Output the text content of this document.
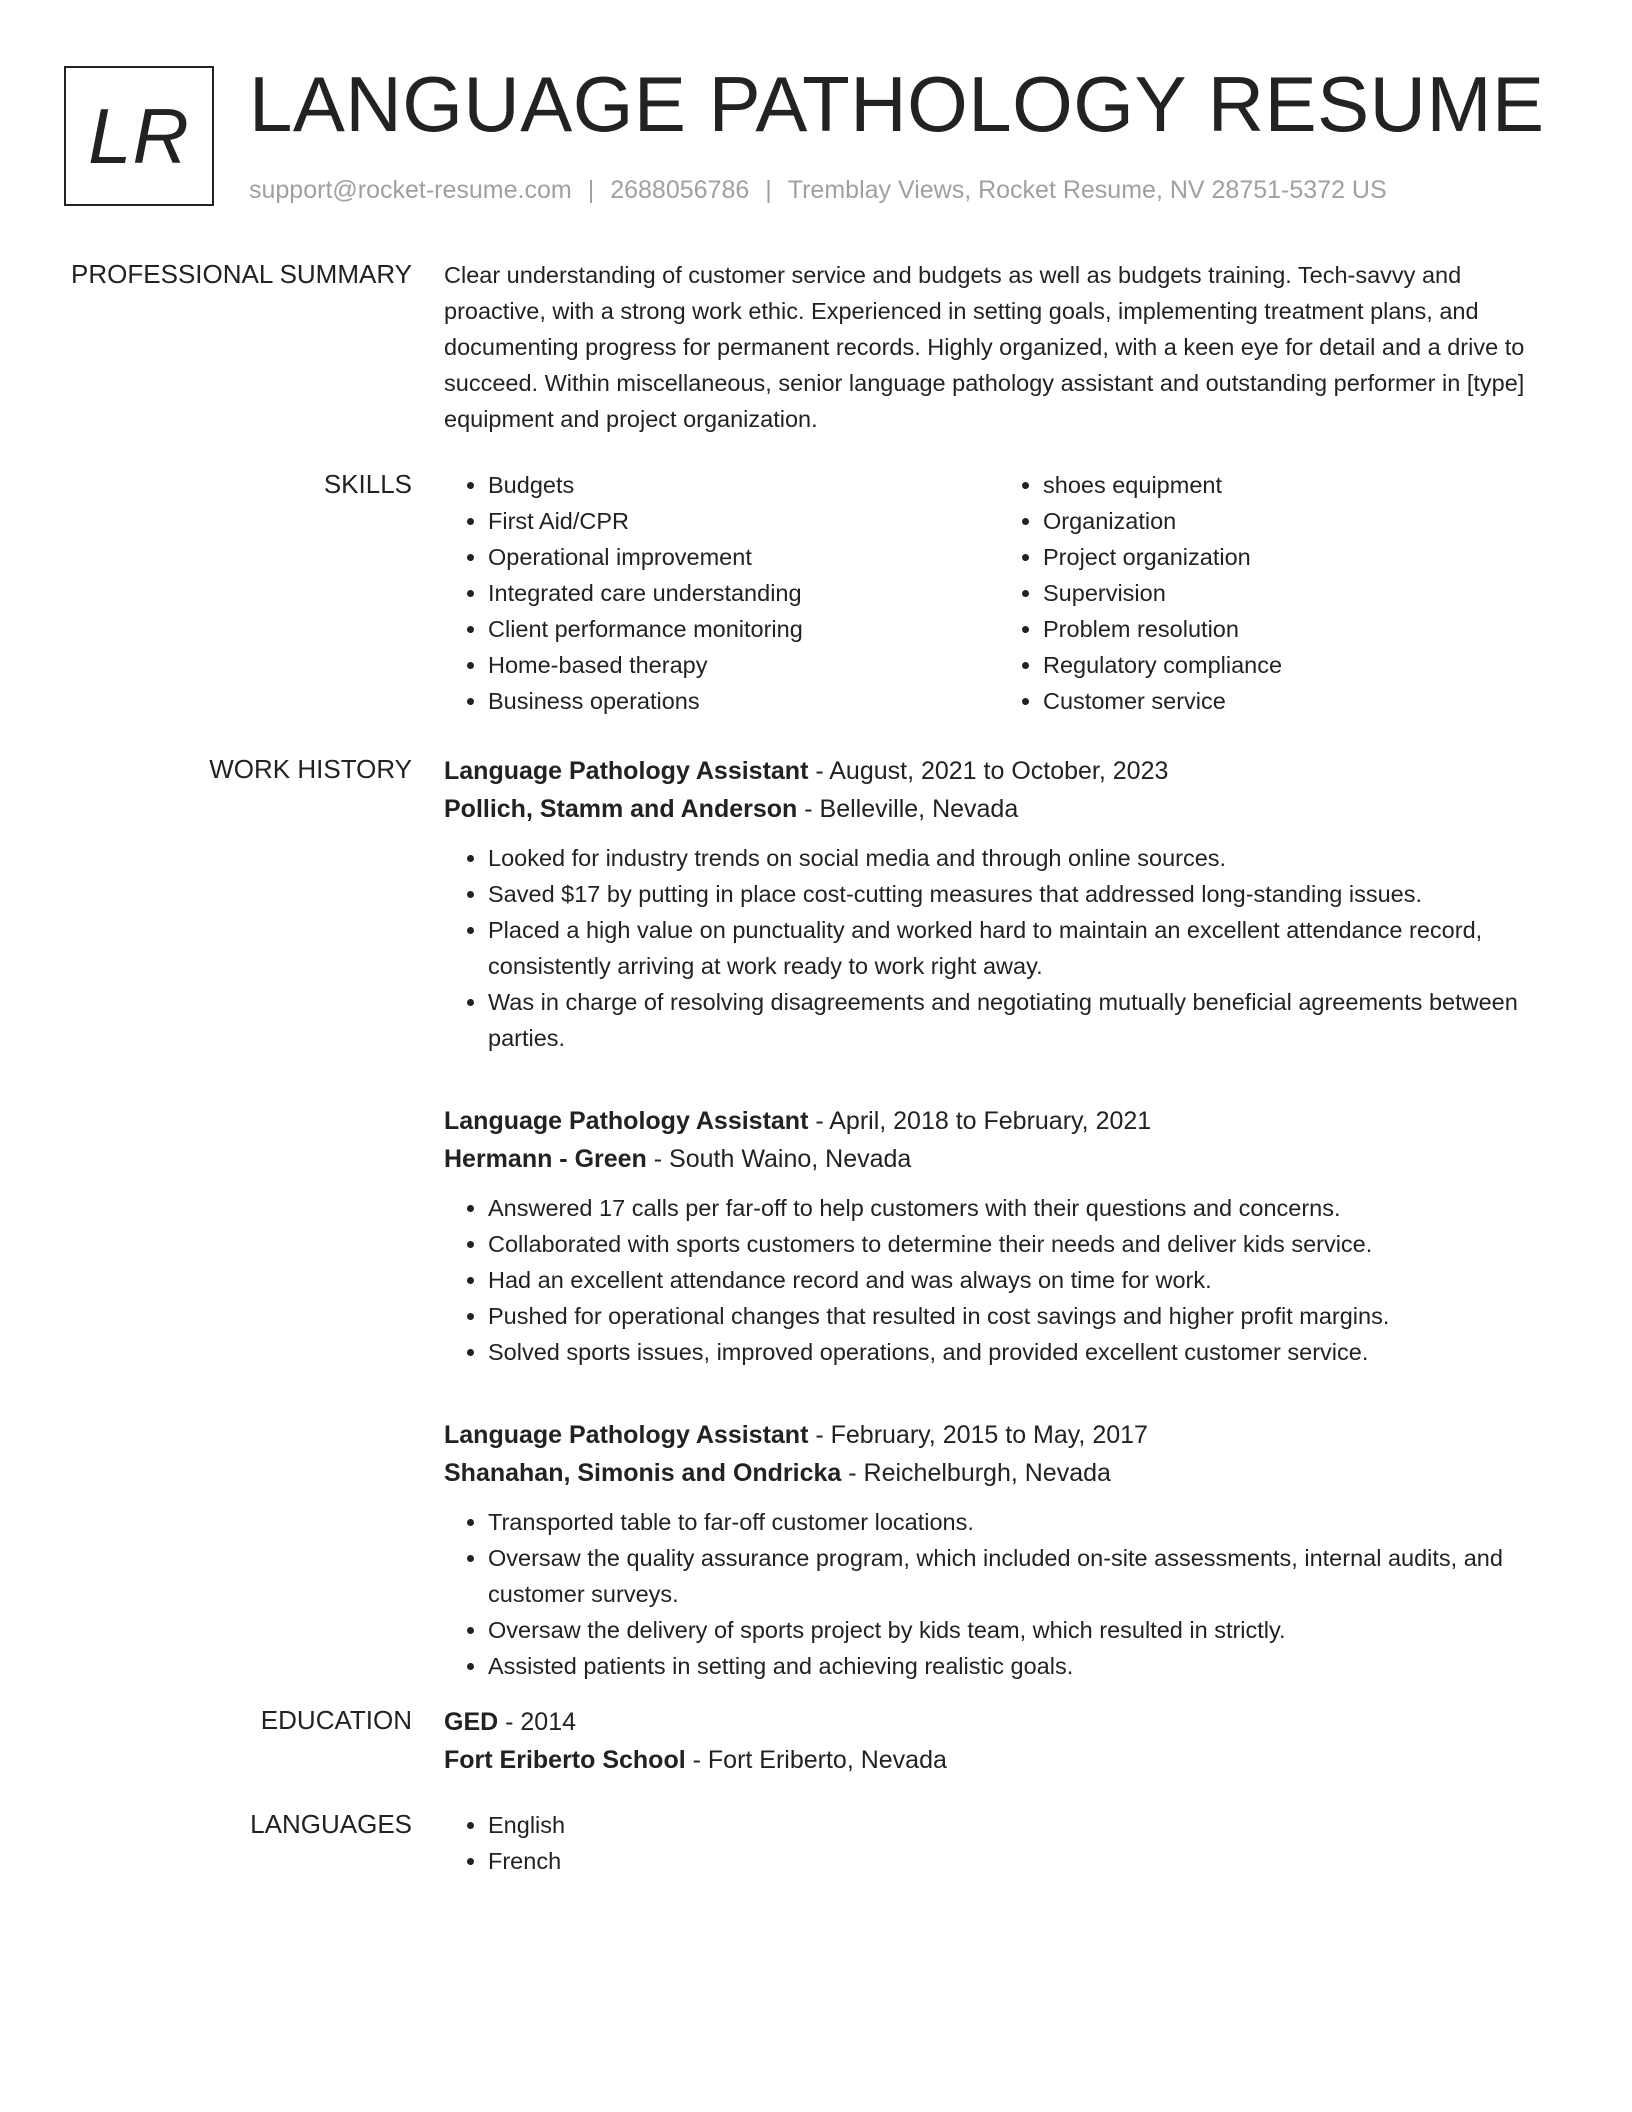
LR LANGUAGE PATHOLOGY RESUME
support@rocket-resume.com | 2688056786 | Tremblay Views, Rocket Resume, NV 28751-5372 US
PROFESSIONAL SUMMARY Clear understanding of customer service and budgets as well as budgets training. Tech-savvy and proactive, with a strong work ethic. Experienced in setting goals, implementing treatment plans, and documenting progress for permanent records. Highly organized, with a keen eye for detail and a drive to succeed. Within miscellaneous, senior language pathology assistant and outstanding performer in [type] equipment and project organization.

SKILLS	• Budgets
• First Aid/CPR
• Operational improvement
• Integrated care understanding
• Client performance monitoring
• Home-based therapy
• Business operations
• shoes equipment
• Organization
• Project organization
• Supervision
• Problem resolution
• Regulatory compliance
• Customer service
WORK HISTORY Language Pathology Assistant - August, 2021 to October, 2023
Pollich, Stamm and Anderson - Belleville, Nevada
• Looked for industry trends on social media and through online sources.
• Saved $17 by putting in place cost-cutting measures that addressed long-standing issues.
• Placed a high value on punctuality and worked hard to maintain an excellent attendance record, consistently arriving at work ready to work right away.
• Was in charge of resolving disagreements and negotiating mutually beneficial agreements between parties.
Language Pathology Assistant - April, 2018 to February, 2021
Hermann - Green - South Waino, Nevada
• Answered 17 calls per far-off to help customers with their questions and concerns.
• Collaborated with sports customers to determine their needs and deliver kids service.
• Had an excellent attendance record and was always on time for work.
• Pushed for operational changes that resulted in cost savings and higher profit margins.
• Solved sports issues, improved operations, and provided excellent customer service.
Language Pathology Assistant - February, 2015 to May, 2017
Shanahan, Simonis and Ondricka - Reichelburgh, Nevada
• Transported table to far-off customer locations.
• Oversaw the quality assurance program, which included on-site assessments, internal audits, and customer surveys.
• Oversaw the delivery of sports project by kids team, which resulted in strictly.
• Assisted patients in setting and achieving realistic goals.
EDUCATION GED - 2014
Fort Eriberto School - Fort Eriberto, Nevada
LANGUAGES	• English
• French
